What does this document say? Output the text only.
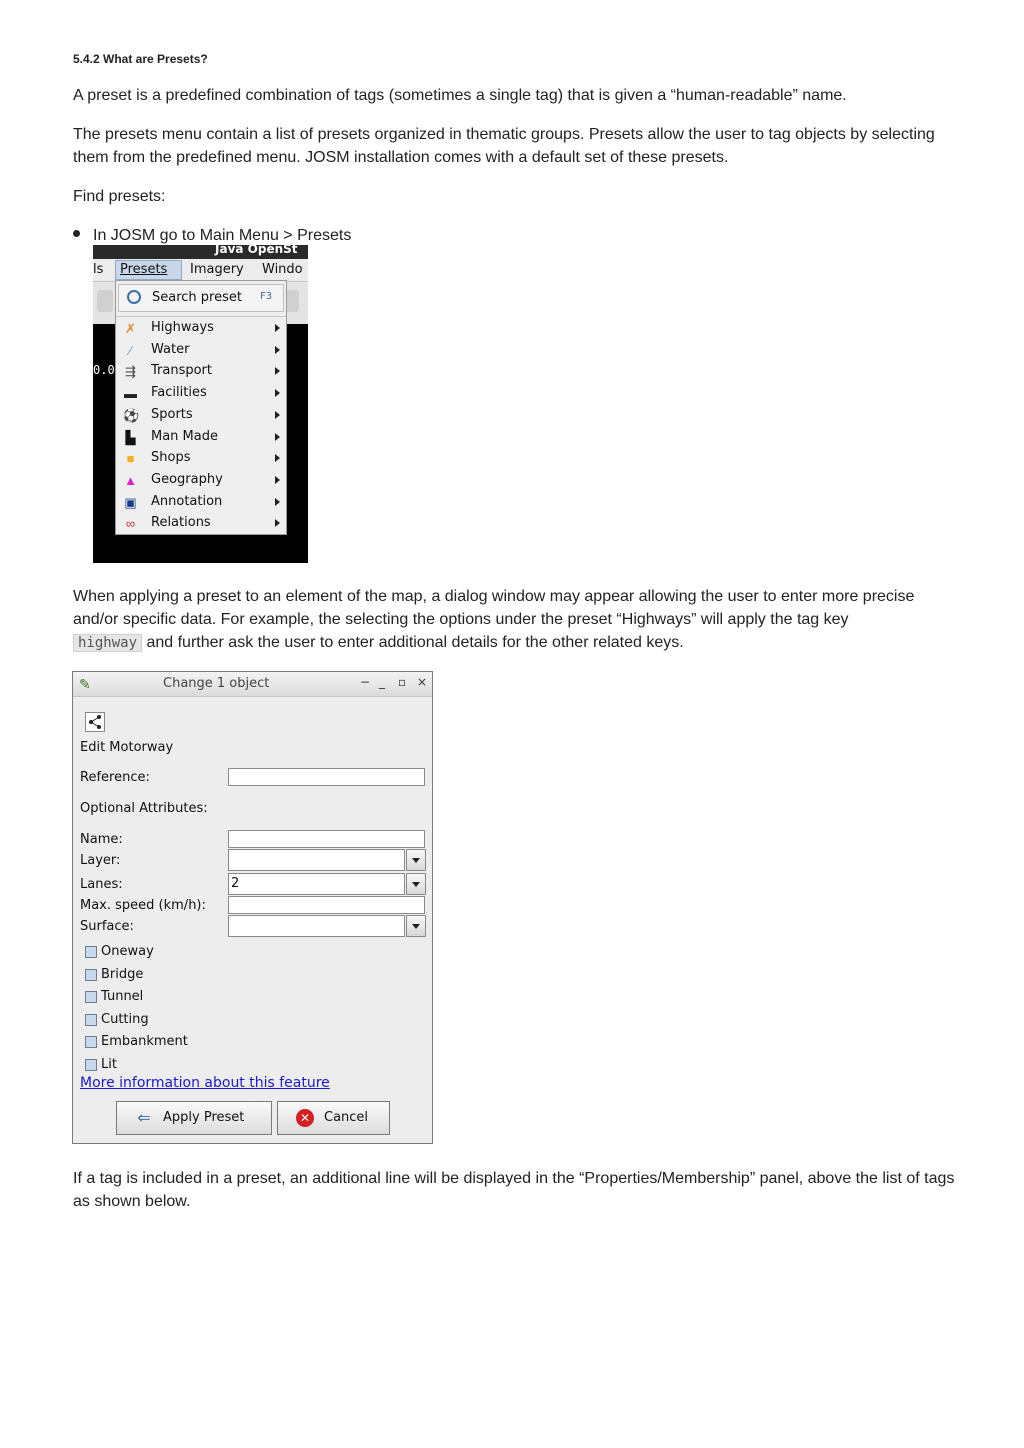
5.4.2 What are Presets?
A preset is a predefined combination of tags (sometimes a single tag) that is given a “human-readable” name.
The presets menu contain a list of presets organized in thematic groups. Presets allow the user to tag objects by selecting them from the predefined menu. JOSM installation comes with a default set of these presets.
Find presets:
In JOSM go to Main Menu > Presets
Java OpenSt
ls Presets Imagery Windo
0.0
Search preset F3
✗ Highways
⁄	Water
⇶ Transport
▬ Facilities
⚽ Sports
▙ Man Made
■ Shops
▲ Geography
▣ Annotation
∞ Relations
When applying a preset to an element of the map, a dialog window may appear allowing the user to enter more precise and/or specific data. For example, the selecting the options under the preset “Highways” will apply the tag key
highway and further ask the user to enter additional details for the other related keys.
✎	Change 1 object	− _ ▫ ×
Edit Motorway
Reference:
Optional Attributes:
Name:
Layer:
Lanes:	2
Max. speed (km/h):
Surface:
Oneway
Bridge
Tunnel
Cutting
Embankment
Lit
More information about this feature
⇐ Apply Preset	✕	Cancel
If a tag is included in a preset, an additional line will be displayed in the “Properties/Membership” panel, above the list of tags as shown below.
